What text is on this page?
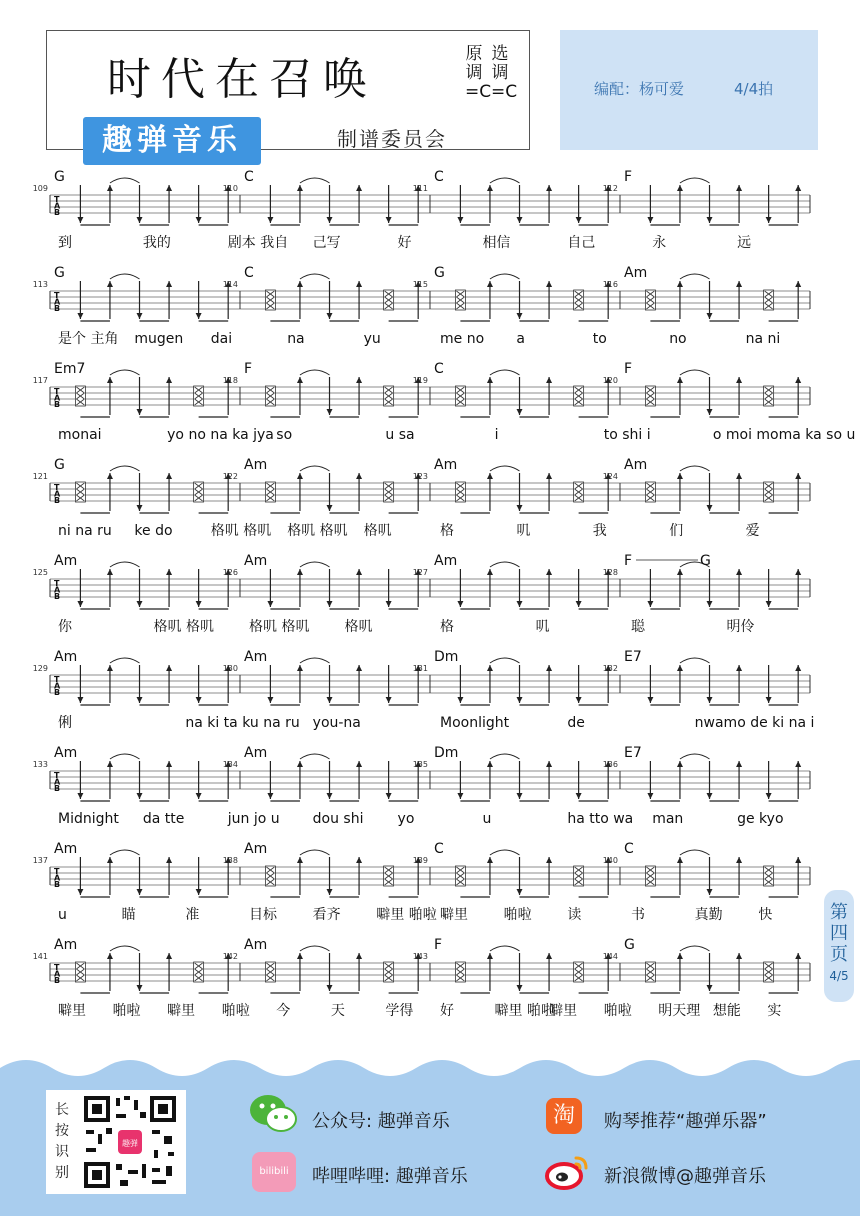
时代在召唤	原调=C
选调=C
趣弹音乐	制谱委员会
编配：杨可爱	4/4拍
T
A
B
109	110	111	112
G	C	C	F
到	我的	剧本 我自 己写	好	相信	自己	永	远
T
A
B
113	114	115	116
G	C	G	Am
是个 主角 mugen dai	na	yu	me no a	to	no	na ni
T
A
B
117	118	119	120
Em7	F	C	F
monai	yo no na ka jya so	u sa	i	to shi i	o moi moma ka so u
T
A
B
121	122	123	124
G	Am	Am	Am
ni na ru ke do	格叽 格叽 格叽 格叽 格叽	格	叽	我	们	爱
T
A
B
125	126	127	128
Am	Am	Am	F	G
你	格叽 格叽	格叽 格叽	格叽	格	叽	聪	明伶
T
A
B
129	130	131	132
Am	Am	Dm	E7
俐	na ki ta ku na ru you-na	Moonlight	de	nwamo de ki na i
T
A
B
133	134	135	136
Am	Am	Dm	E7
Midnight da tte	jun jo u dou shi yo	u	ha tto wa man	ge kyo
T
A
B
137	138	139	140
Am	Am	C	C
u	瞄	准	目标	看齐	噼里 啪啦 噼里	啪啦	读	书	真勤	快
T
A
B
141	142	143	144
Am	Am	F	G
噼里 啪啦 噼里 啪啦 今	天	学得 好	噼里 啪啦
噼里 啪啦 明天理 想能 实
第四页
4/5
长按识别
趣弹
公众号: 趣弹音乐
bilibili	哔哩哔哩: 趣弹音乐
淘	购琴推荐“趣弹乐器”
新浪微博@趣弹音乐
